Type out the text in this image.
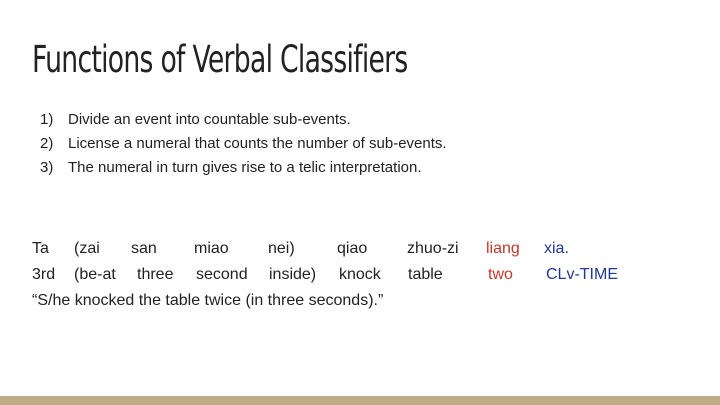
Functions of Verbal Classifiers
1) Divide an event into countable sub-events.
2) License a numeral that counts the number of sub-events.
3) The numeral in turn gives rise to a telic interpretation.
Ta (zai san miao nei)	qiao zhuo-zi liang xia.
3rd (be-at three second inside) knock table	two CLv-TIME
“S/he knocked the table twice (in three seconds).”
